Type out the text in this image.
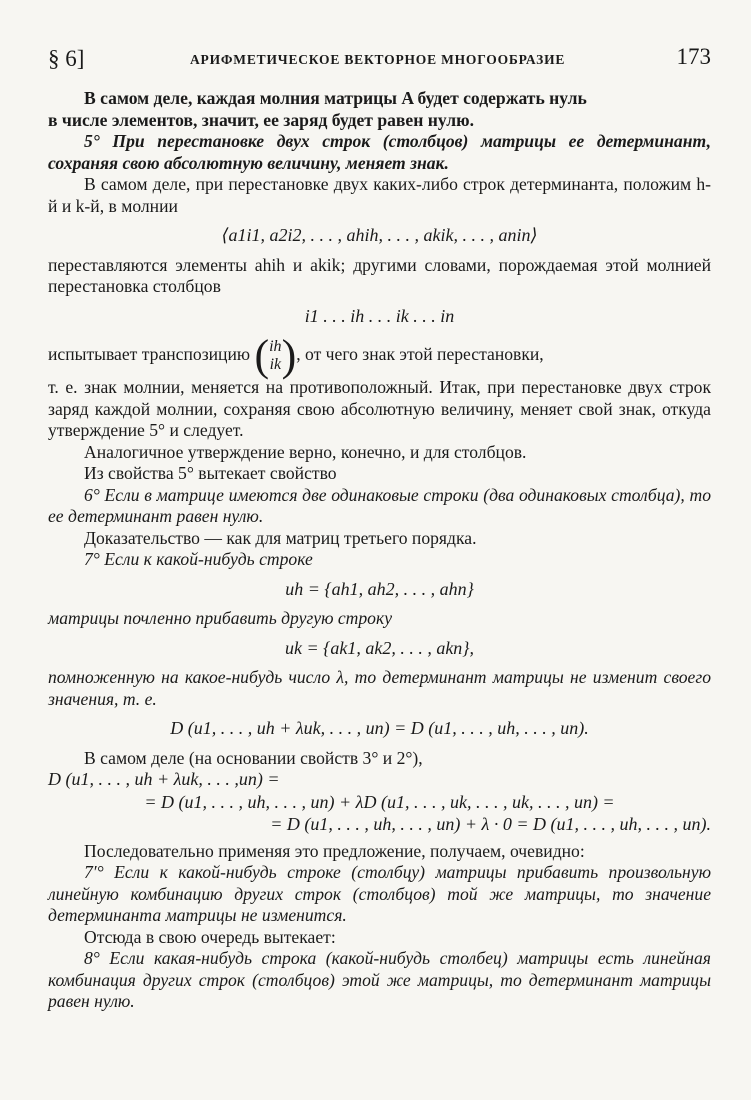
§ 6]	АРИФМЕТИЧЕСКОЕ ВЕКТОРНОЕ МНОГООБРАЗИЕ	173

В самом деле, каждая молния матрицы A будет содержать нуль

в числе элементов, значит, ее заряд будет равен нулю.

5° При перестановке двух строк (столбцов) матрицы ее детерминант, сохраняя свою абсолютную величину, меняет знак.

В самом деле, при перестановке двух каких-либо строк детерминанта, положим h-й и k-й, в молнии

⟨a1i1, a2i2, . . . , ahih, . . . , akik, . . . , anin⟩

переставляются элементы ahih и akik; другими словами, порождаемая этой молнией перестановка столбцов

i1 . . . ih . . . ik . . . in

испытывает транспозицию ( ih
ik ) , от чего знак этой перестановки,

т. е. знак молнии, меняется на противоположный. Итак, при перестановке двух строк заряд каждой молнии, сохраняя свою абсолютную величину, меняет свой знак, откуда утверждение 5° и следует.

Аналогичное утверждение верно, конечно, и для столбцов.

Из свойства 5° вытекает свойство

6° Если в матрице имеются две одинаковые строки (два одинаковых столбца), то ее детерминант равен нулю.

Доказательство — как для матриц третьего порядка.

7° Если к какой-нибудь строке

uh = {ah1, ah2, . . . , ahn}

матрицы почленно прибавить другую строку

uk = {ak1, ak2, . . . , akn},

помноженную на какое-нибудь число λ, то детерминант матрицы не изменит своего значения, т. е.

D (u1, . . . , uh + λuk, . . . , un) = D (u1, . . . , uh, . . . , un).

В самом деле (на основании свойств 3° и 2°),

D (u1, . . . , uh + λuk, . . . ,un) =
= D (u1, . . . , uh, . . . , un) + λD (u1, . . . , uk, . . . , uk, . . . , un) =
= D (u1, . . . , uh, . . . , un) + λ · 0 = D (u1, . . . , uh, . . . , un).

Последовательно применяя это предложение, получаем, очевидно:

7′° Если к какой-нибудь строке (столбцу) матрицы прибавить произвольную линейную комбинацию других строк (столбцов) той же матрицы, то значение детерминанта матрицы не изменится.

Отсюда в свою очередь вытекает:

8° Если какая-нибудь строка (какой-нибудь столбец) матрицы есть линейная комбинация других строк (столбцов) этой же матрицы, то детерминант матрицы равен нулю.
